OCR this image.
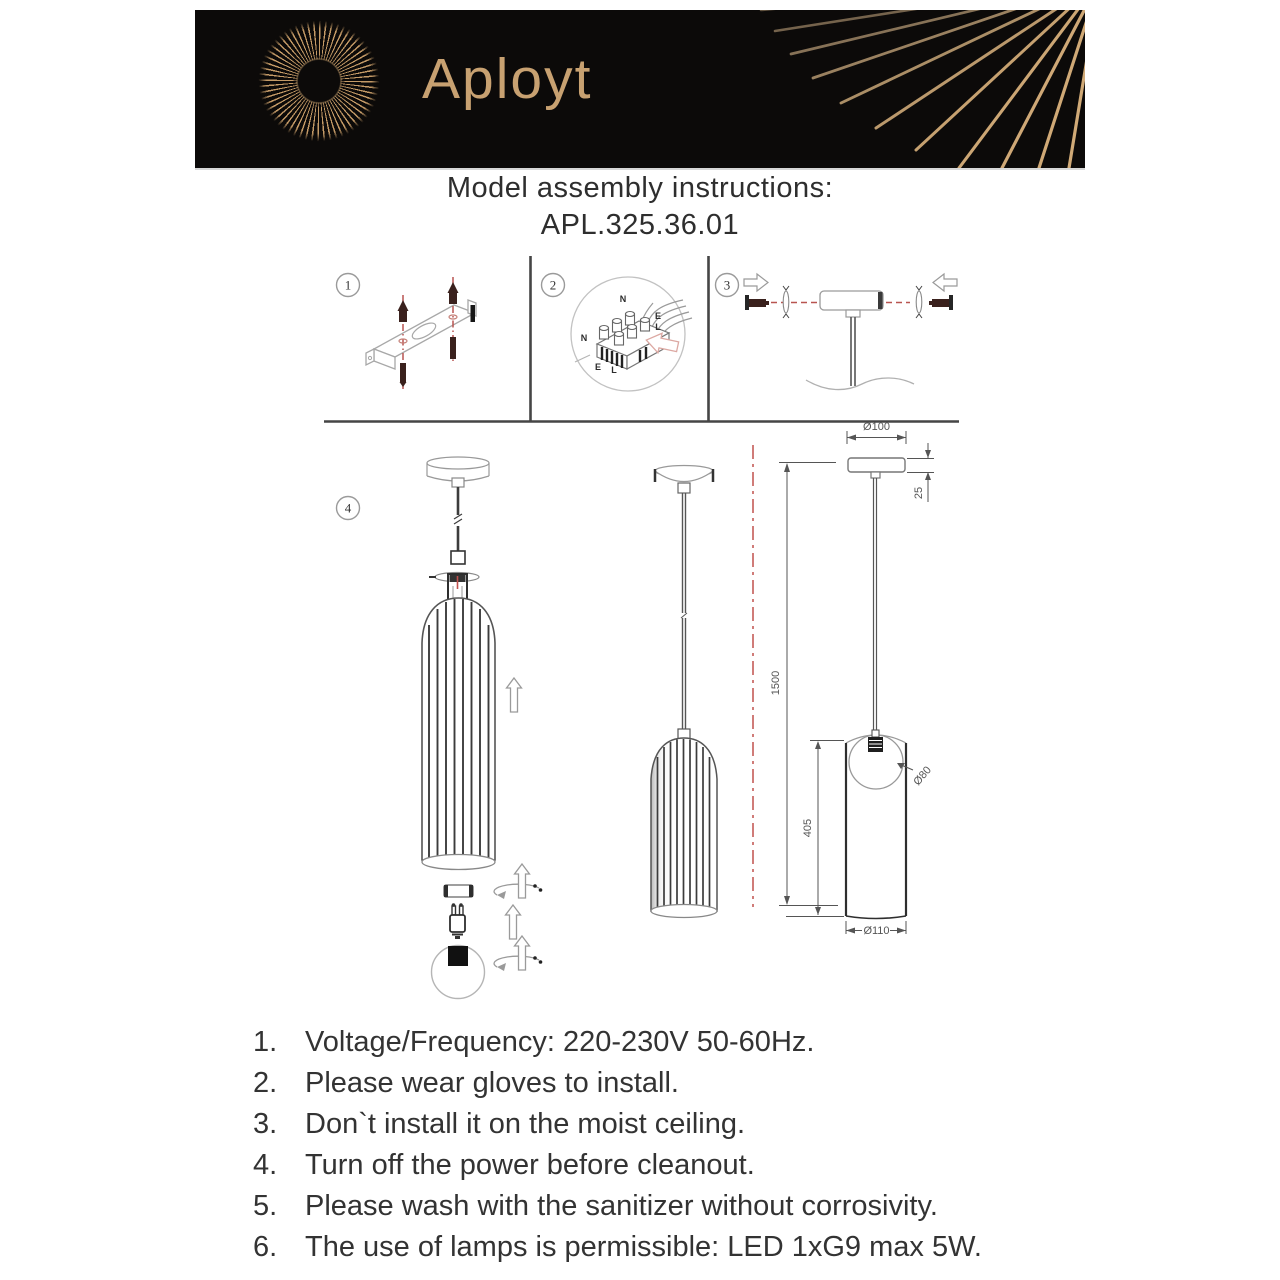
Aployt
Model assembly instructions:
APL.325.36.01
1	2	3
4
N
E
L
N
E L
1500
Ø100
25
Ø80
405
Ø110
1. Voltage/Frequency: 220-230V 50-60Hz.
2. Please wear gloves to install.
3. Don`t install it on the moist ceiling.
4. Turn off the power before cleanout.
5. Please wash with the sanitizer without corrosivity.
6. The use of lamps is permissible: LED 1xG9 max 5W.
